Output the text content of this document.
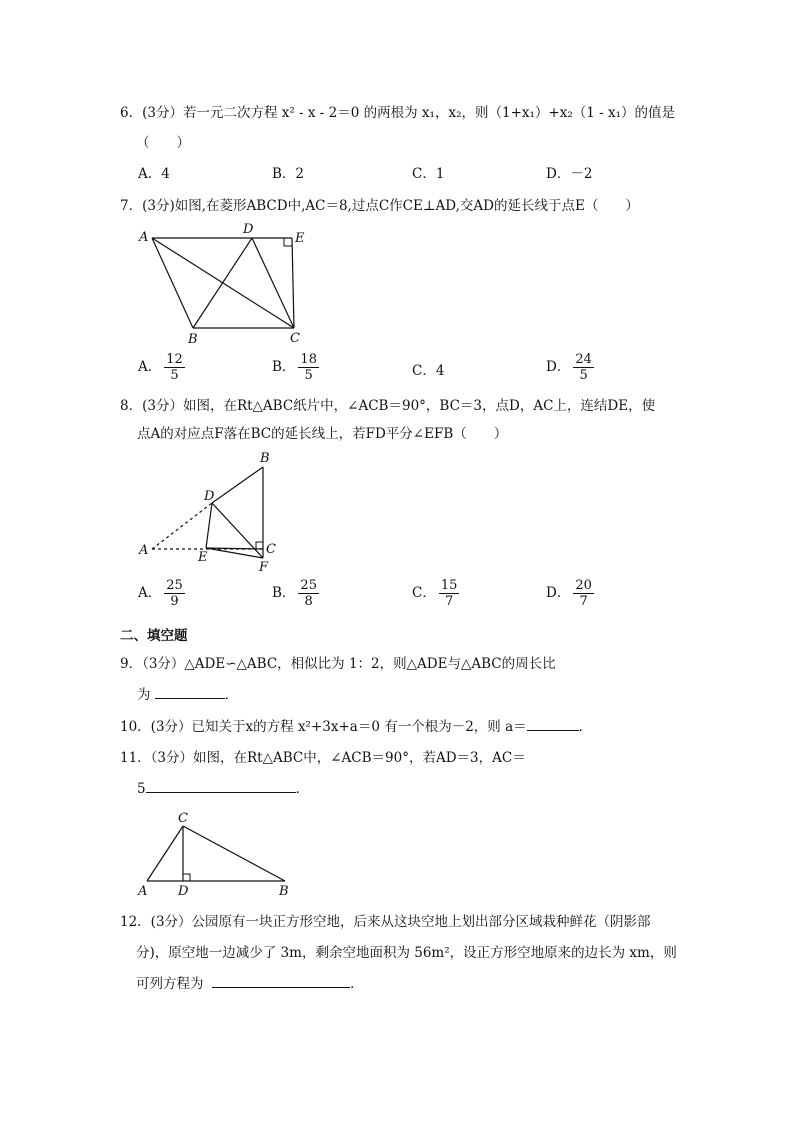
6．(3分）若一元二次方程 x² - x - 2＝0 的两根为 x₁，x₂，则（1+x₁）+x₂（1 - x₁）的值是
（　　）
A．4	B．2	C．1	D．－2
7．(3分)如图,在菱形ABCD中,AC＝8,过点C作CE⊥AD,交AD的延长线于点E（　　）
A
D
E
B	C
A． $\frac{12}{5}$	B． $\frac{18}{5}$	C．4	D． $\frac{24}{5}$
8．(3分）如图，在Rt△ABC纸片中，∠ACB＝90°，BC＝3，点D，AC上，连结DE，使
点A的对应点F落在BC的延长线上，若FD平分∠EFB（　　）
B
D
A	E
C
F
A． $\frac{25}{9}$	B． $\frac{25}{8}$	C． $\frac{15}{7}$	D． $\frac{20}{7}$
二、填空题
9．（3分）△ADE∽△ABC，相似比为 1：2，则△ADE与△ABC的周长比
为	．
10．(3分）已知关于x的方程 x²+3x+a＝0 有一个根为－2，则 a＝	．
11．（3分）如图，在Rt△ABC中，∠ACB＝90°，若AD＝3，AC＝
5	．
C
A D	B
12．(3分）公园原有一块正方形空地，后来从这块空地上划出部分区域栽种鲜花（阴影部
分)，原空地一边减少了 3m，剩余空地面积为 56m²，设正方形空地原来的边长为 xm，则
可列方程为	．
